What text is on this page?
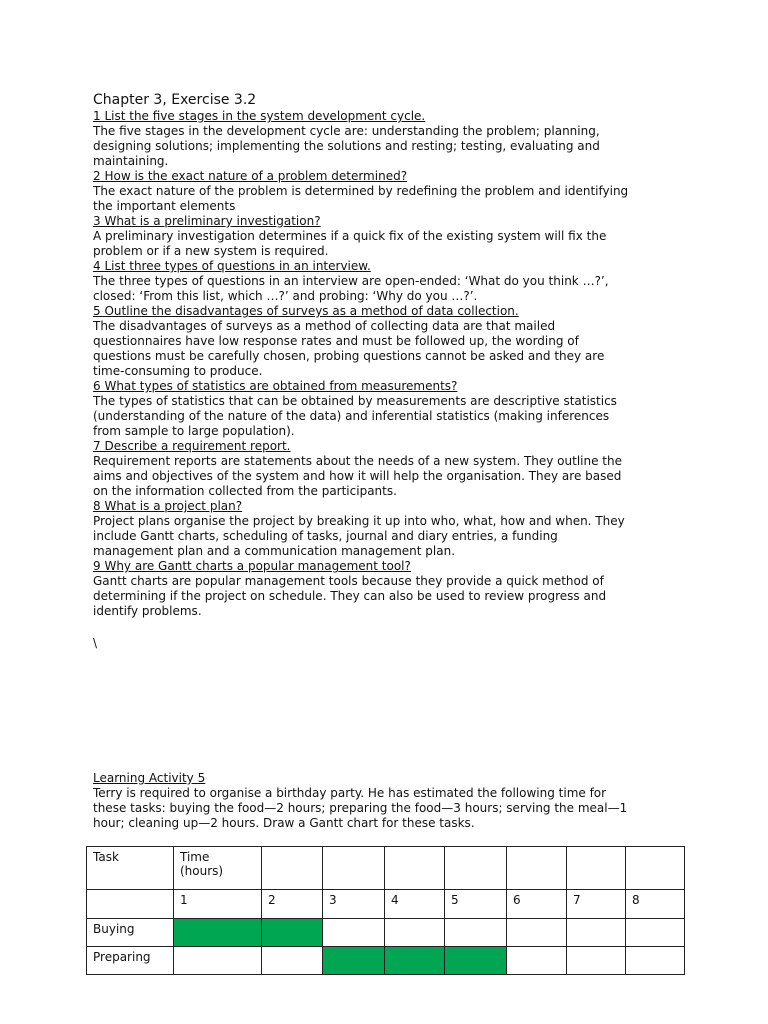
Chapter 3, Exercise 3.2
1 List the five stages in the system development cycle.
The five stages in the development cycle are: understanding the problem; planning,
designing solutions; implementing the solutions and resting; testing, evaluating and
maintaining.
2 How is the exact nature of a problem determined?
The exact nature of the problem is determined by redefining the problem and identifying
the important elements
3 What is a preliminary investigation?
A preliminary investigation determines if a quick fix of the existing system will fix the
problem or if a new system is required.
4 List three types of questions in an interview.
The three types of questions in an interview are open-ended: ‘What do you think …?’,
closed: ‘From this list, which …?’ and probing: ‘Why do you …?’.
5 Outline the disadvantages of surveys as a method of data collection.
The disadvantages of surveys as a method of collecting data are that mailed
questionnaires have low response rates and must be followed up, the wording of
questions must be carefully chosen, probing questions cannot be asked and they are
time-consuming to produce.
6 What types of statistics are obtained from measurements?
The types of statistics that can be obtained by measurements are descriptive statistics
(understanding of the nature of the data) and inferential statistics (making inferences
from sample to large population).
7 Describe a requirement report.
Requirement reports are statements about the needs of a new system. They outline the
aims and objectives of the system and how it will help the organisation. They are based
on the information collected from the participants.
8 What is a project plan?
Project plans organise the project by breaking it up into who, what, how and when. They
include Gantt charts, scheduling of tasks, journal and diary entries, a funding
management plan and a communication management plan.
9 Why are Gantt charts a popular management tool?
Gantt charts are popular management tools because they provide a quick method of
determining if the project on schedule. They can also be used to review progress and
identify problems.
\
Learning Activity 5
Terry is required to organise a birthday party. He has estimated the following time for
these tasks: buying the food—2 hours; preparing the food—3 hours; serving the meal—1
hour; cleaning up—2 hours. Draw a Gantt chart for these tasks.
Task	Time
(hours)							

	1	2	3	4	5	6	7	8
Buying								
Preparing								
